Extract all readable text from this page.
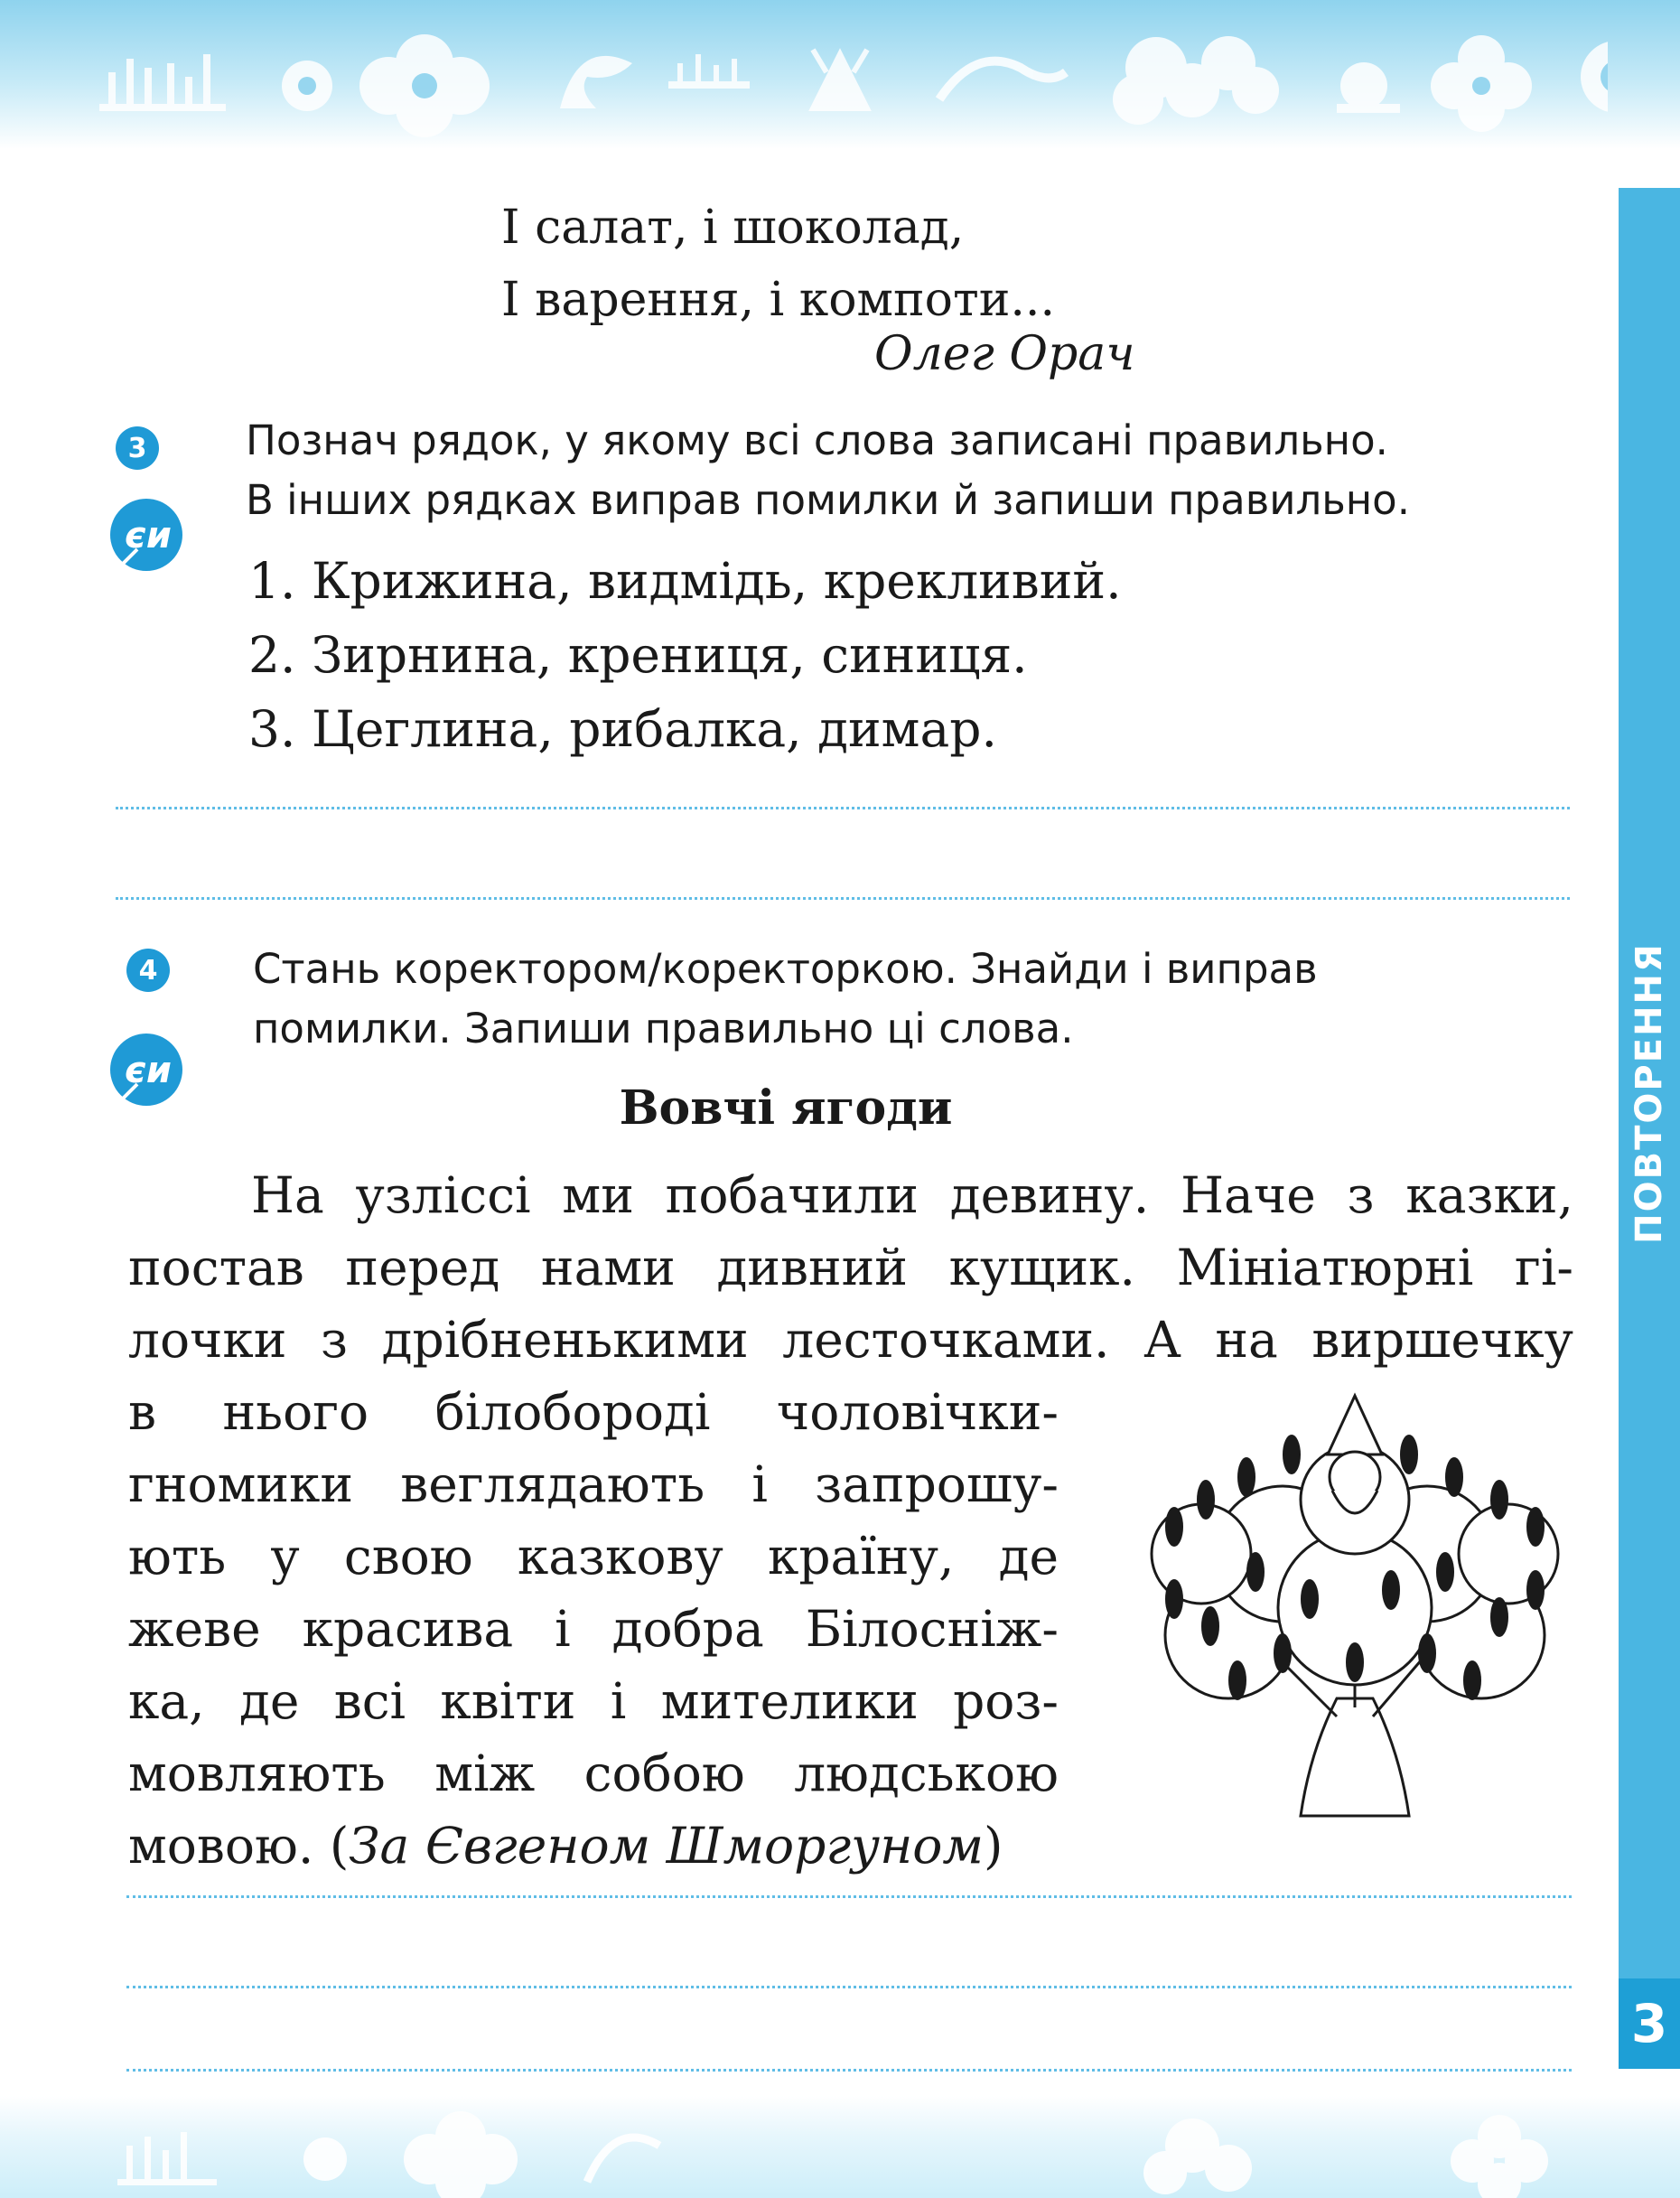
ПОВТОРЕННЯ
3
І салат, і шоколад,
І варення, і компоти...
Олег Орач
3
єи
Познач рядок, у якому всі слова записані правильно.
В інших рядках виправ помилки й запиши правильно.
1. Крижина, видмідь, крекливий.
2. Зирнина, крениця, синиця.
3. Цеглина, рибалка, димар.
4
єи
Стань коректором/коректоркою. Знайди і виправ
помилки. Запиши правильно ці слова.
Вовчі ягоди
На узліссі ми побачили девину. Наче з казки,
постав перед нами дивний кущик. Мініатюрні гі-
лочки з дрібненькими лесточками. А на виршечку
в нього білобороді чоловічки-
гномики веглядають і запрошу-
ють у свою казкову країну, де
жеве красива і добра Білосніж-
ка, де всі квіти і мителики роз-
мовляють між собою людською
мовою. (За Євгеном Шморгуном)
